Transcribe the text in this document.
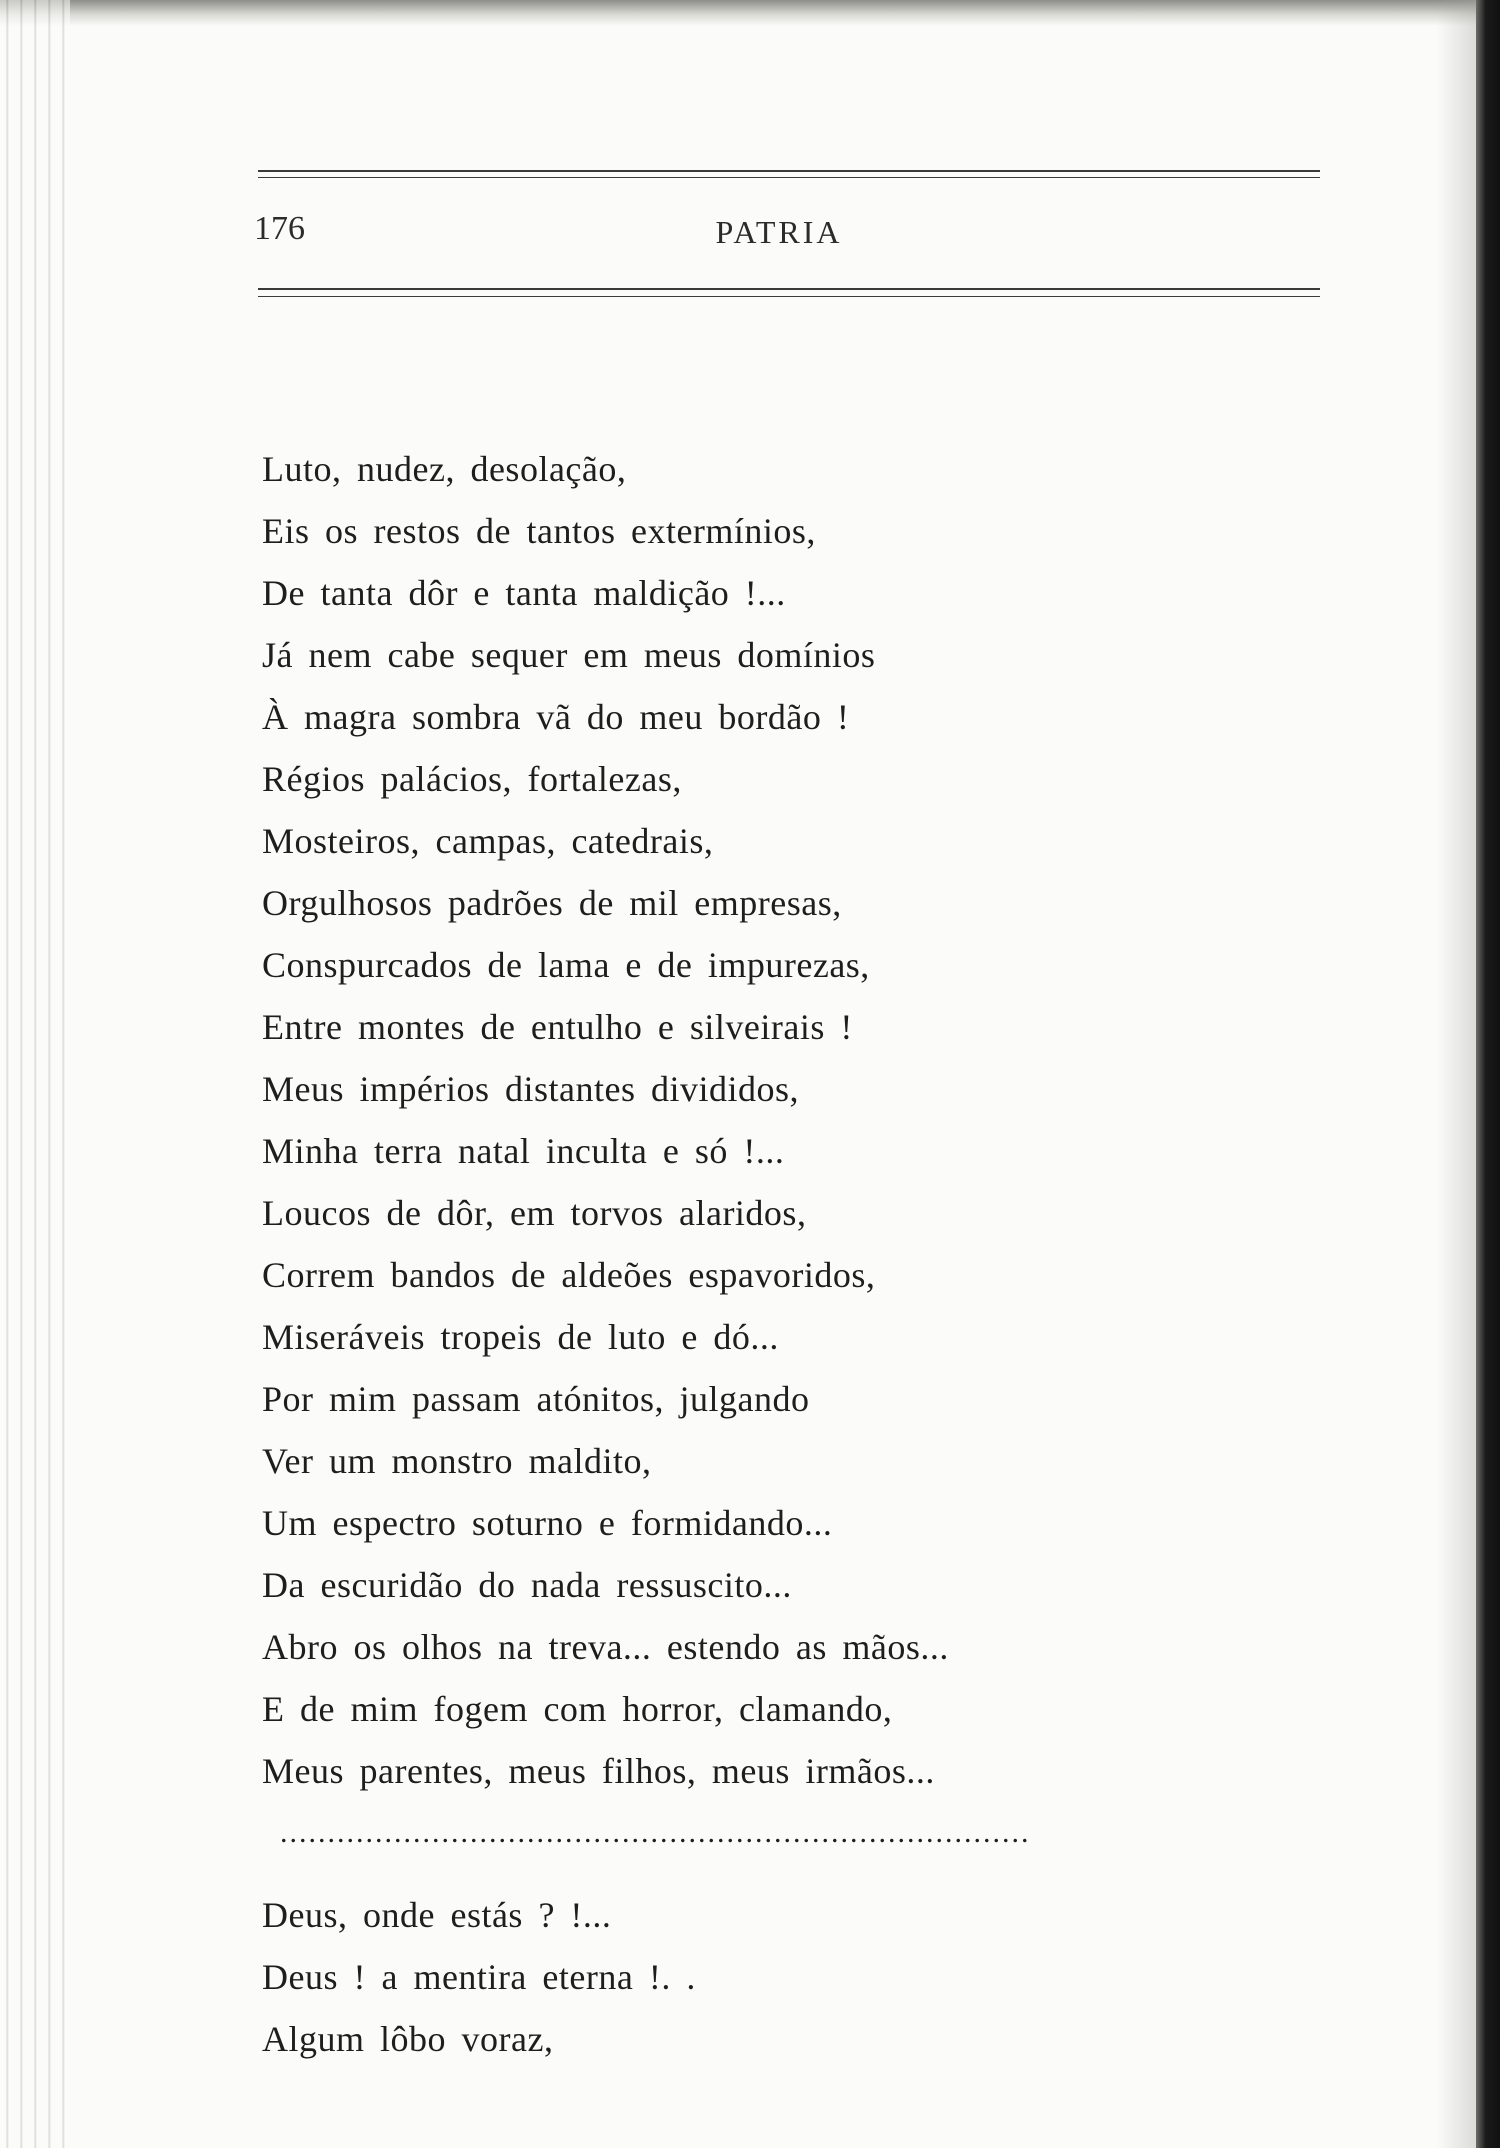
176	PATRIA
Luto, nudez, desolação,
Eis os restos de tantos extermínios,
De tanta dôr e tanta maldição !...
Já nem cabe sequer em meus domínios
À magra sombra vã do meu bordão !
Régios palácios, fortalezas,
Mosteiros, campas, catedrais,
Orgulhosos padrões de mil empresas,
Conspurcados de lama e de impurezas,
Entre montes de entulho e silveirais !
Meus impérios distantes divididos,
Minha terra natal inculta e só !...
Loucos de dôr, em torvos alaridos,
Correm bandos de aldeões espavoridos,
Miseráveis tropeis de luto e dó...
Por mim passam atónitos, julgando
Ver um monstro maldito,
Um espectro soturno e formidando...
Da escuridão do nada ressuscito...
Abro os olhos na treva... estendo as mãos...
E de mim fogem com horror, clamando,
Meus parentes, meus filhos, meus irmãos...
...............................................................................
Deus, onde estás ? !...
Deus ! a mentira eterna !. .
Algum lôbo voraz,
